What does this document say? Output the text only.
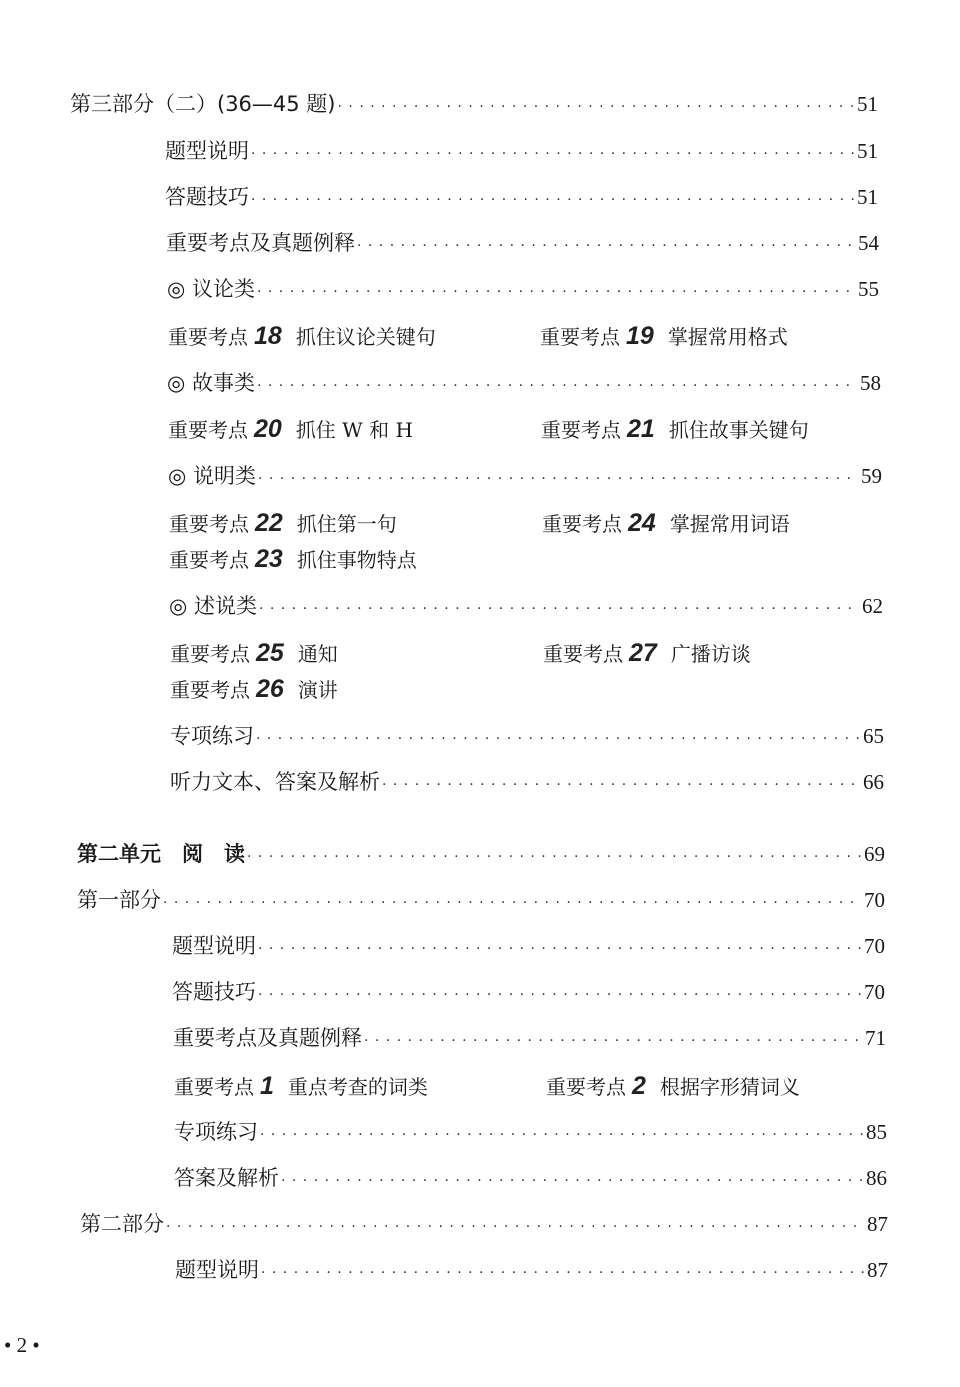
第三部分（二）(36—45 题) · · ·	51
题型说明 · · ·	51
答题技巧 · · ·	51
重要考点及真题例释 · · ·	54
◎ 议论类 · · ·	55
重要考点 18 抓住议论关键句	重要考点 19 掌握常用格式
◎ 故事类 · · ·	58
重要考点 20 抓住 W 和 H	重要考点 21 抓住故事关键句
◎ 说明类 · · ·	59
重要考点 22 抓住第一句	重要考点 24 掌握常用词语
重要考点 23 抓住事物特点
◎ 述说类 · · ·	62
重要考点 25 通知	重要考点 27 广播访谈
重要考点 26 演讲
专项练习 · · ·	65
听力文本、答案及解析 · · ·	66
第二单元　阅　读 · · ·	69
第一部分 · · ·	70
题型说明 · · ·	70
答题技巧 · · ·	70
重要考点及真题例释 · · ·	71
重要考点 1 重点考查的词类	重要考点 2 根据字形猜词义
专项练习 · · ·	85
答案及解析 · · ·	86
第二部分 · · ·	87
题型说明 · · ·	87
• 2 •
